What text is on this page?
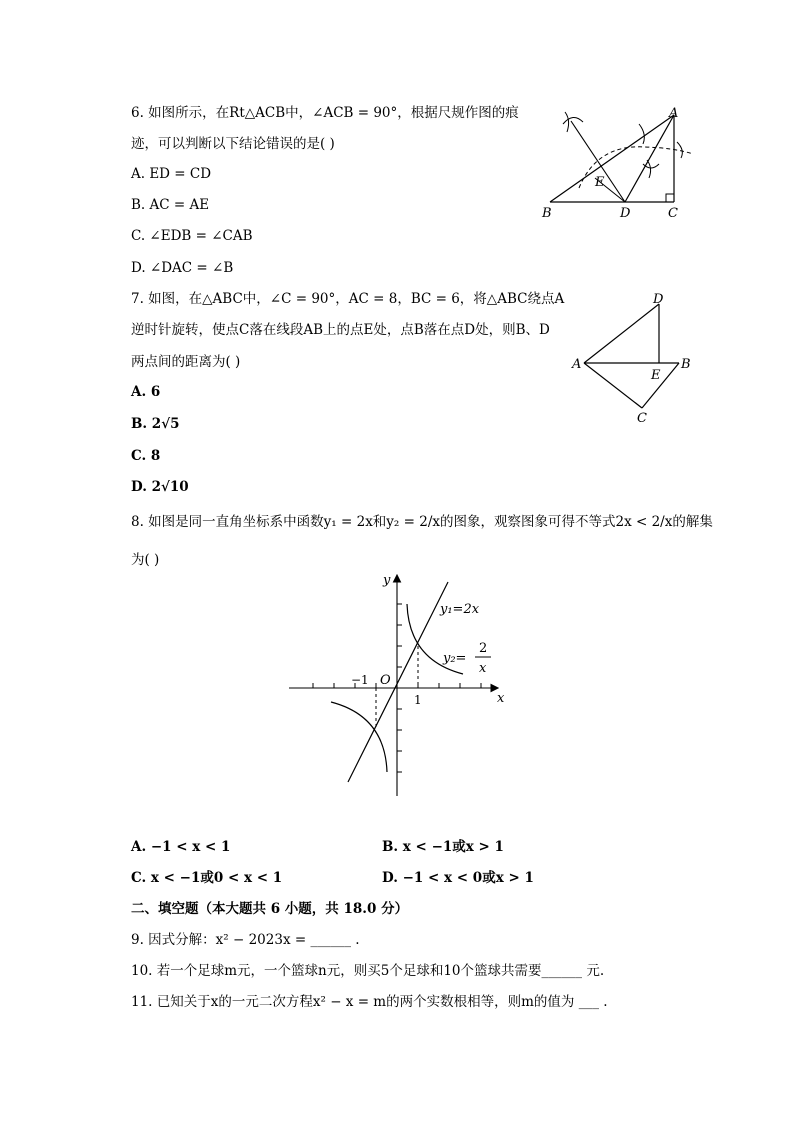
6. 如图所示，在Rt△ACB中，∠ACB = 90°，根据尺规作图的痕
迹，可以判断以下结论错误的是( )
A. ED = CD
B. AC = AE
C. ∠EDB = ∠CAB
D. ∠DAC = ∠B
A
B	C
D
E
7. 如图，在△ABC中，∠C = 90°，AC = 8，BC = 6，将△ABC绕点A
逆时针旋转，使点C落在线段AB上的点E处，点B落在点D处，则B、D
两点间的距离为( )
A. 6
B. 2√5
C. 8
D. 2√10
D
A	B
E
C
8. 如图是同一直角坐标系中函数y₁ = 2x和y₂ = 2/x的图象，观察图象可得不等式2x < 2/x的解集
为( )
y
x
O
−1
1
y₁=2x
y₂=
2
x
A. −1 < x < 1	B. x < −1或x > 1
C. x < −1或0 < x < 1	D. −1 < x < 0或x > 1
二、填空题（本大题共 6 小题，共 18.0 分）
9. 因式分解：x² − 2023x = ______ .
10. 若一个足球m元，一个篮球n元，则买5个足球和10个篮球共需要______ 元.
11. 已知关于x的一元二次方程x² − x = m的两个实数根相等，则m的值为 ___ .
